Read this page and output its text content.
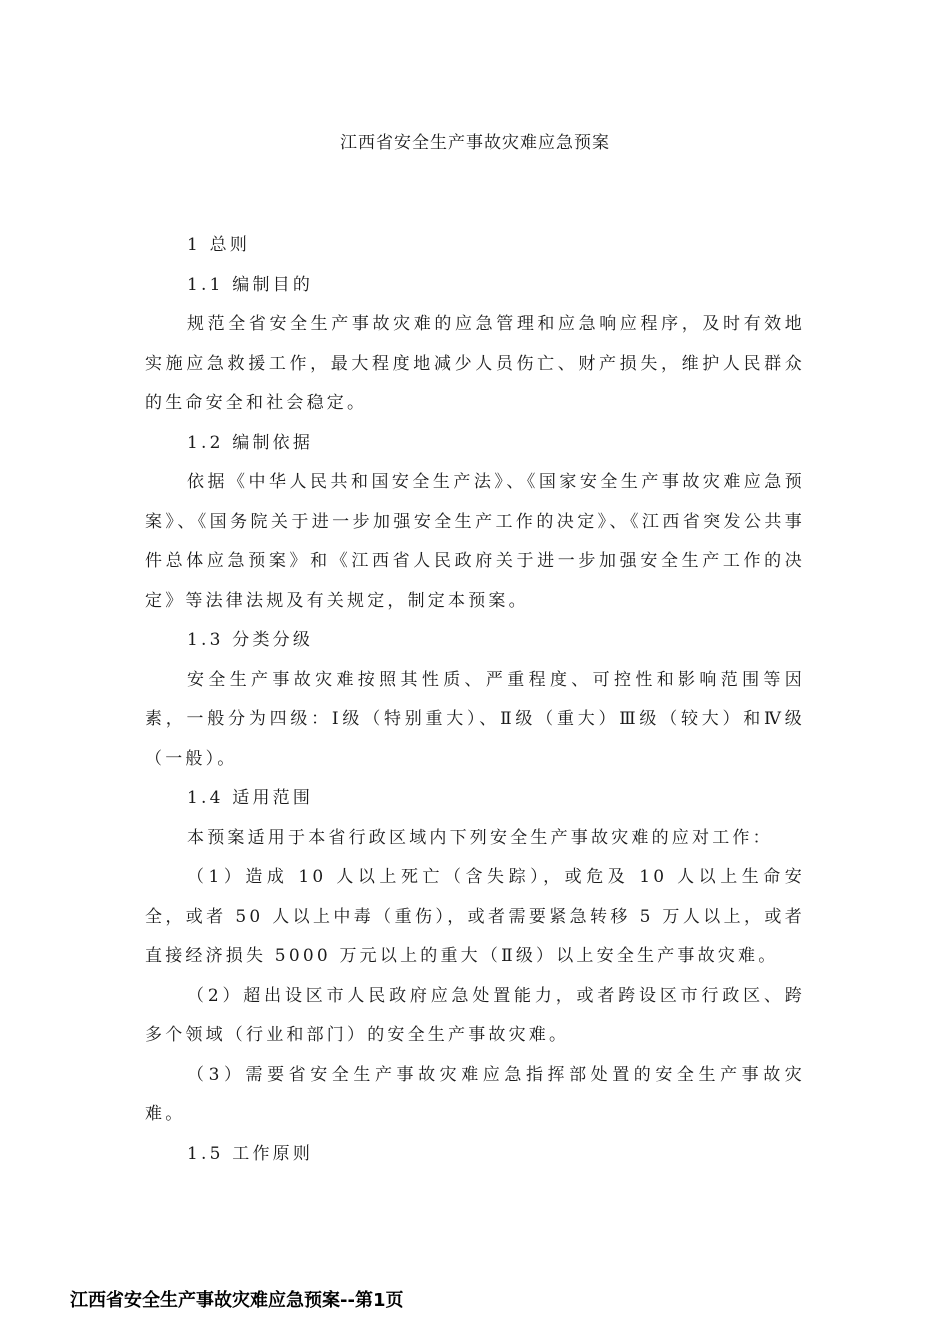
江西省安全生产事故灾难应急预案

1 总则

1.1 编制目的

规范全省安全生产事故灾难的应急管理和应急响应程序，及时有效地实施应急救援工作，最大程度地减少人员伤亡、财产损失，维护人民群众的生命安全和社会稳定。

1.2 编制依据

依据《中华人民共和国安全生产法》、《国家安全生产事故灾难应急预案》、《国务院关于进一步加强安全生产工作的决定》、《江西省突发公共事件总体应急预案》和《江西省人民政府关于进一步加强安全生产工作的决定》等法律法规及有关规定，制定本预案。

1.3 分类分级

安全生产事故灾难按照其性质、严重程度、可控性和影响范围等因素，一般分为四级：Ⅰ级（特别重大）、Ⅱ级（重大）Ⅲ级（较大）和Ⅳ级（一般）。

1.4 适用范围

本预案适用于本省行政区域内下列安全生产事故灾难的应对工作：

（1）造成 10 人以上死亡（含失踪），或危及 10 人以上生命安全，或者 50 人以上中毒（重伤），或者需要紧急转移 5 万人以上，或者直接经济损失 5000 万元以上的重大（Ⅱ级）以上安全生产事故灾难。

（2）超出设区市人民政府应急处置能力，或者跨设区市行政区、跨多个领域（行业和部门）的安全生产事故灾难。

（3）需要省安全生产事故灾难应急指挥部处置的安全生产事故灾难。

1.5 工作原则

江西省安全生产事故灾难应急预案--第1页
